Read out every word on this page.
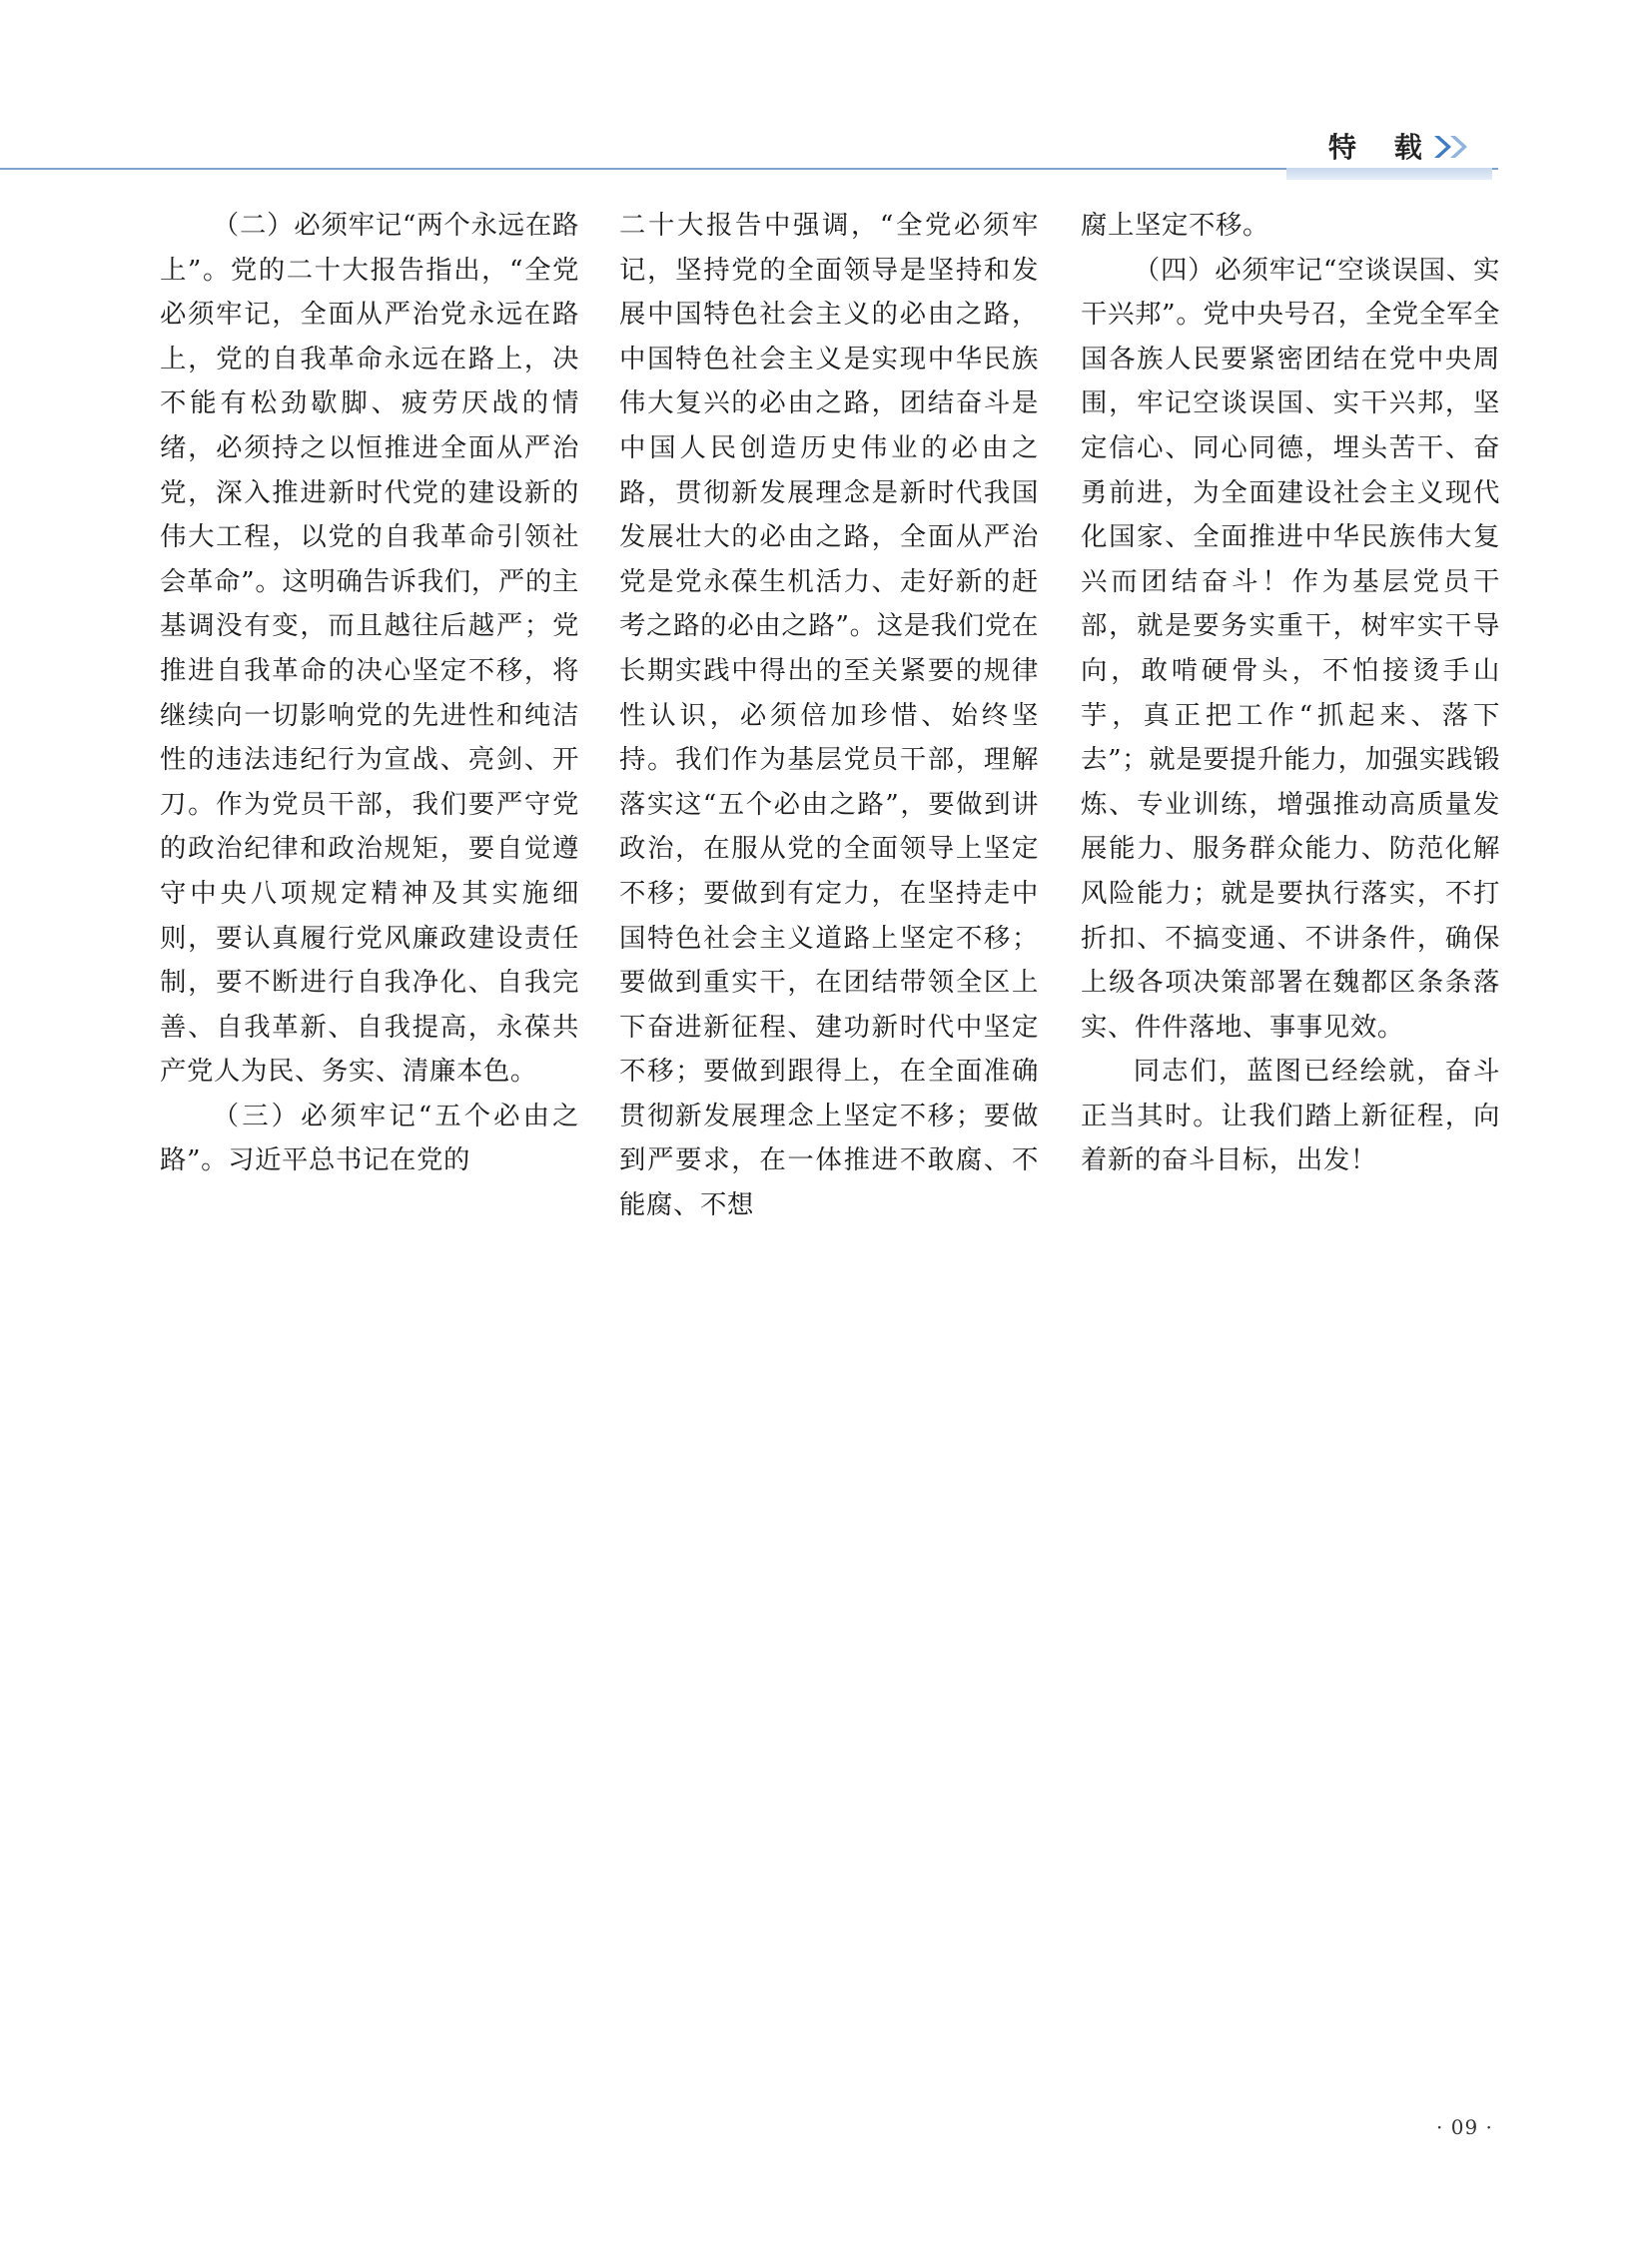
特 载

（二）必须牢记“两个永远在路上”。党的二十大报告指出，“全党必须牢记，全面从严治党永远在路上，党的自我革命永远在路上，决不能有松劲歇脚、疲劳厌战的情绪，必须持之以恒推进全面从严治党，深入推进新时代党的建设新的伟大工程，以党的自我革命引领社会革命”。这明确告诉我们，严的主基调没有变，而且越往后越严；党推进自我革命的决心坚定不移，将继续向一切影响党的先进性和纯洁性的违法违纪行为宣战、亮剑、开刀。作为党员干部，我们要严守党的政治纪律和政治规矩，要自觉遵守中央八项规定精神及其实施细则，要认真履行党风廉政建设责任制，要不断进行自我净化、自我完善、自我革新、自我提高，永葆共产党人为民、务实、清廉本色。

（三）必须牢记“五个必由之路”。习近平总书记在党的

二十大报告中强调，“全党必须牢记，坚持党的全面领导是坚持和发展中国特色社会主义的必由之路，中国特色社会主义是实现中华民族伟大复兴的必由之路，团结奋斗是中国人民创造历史伟业的必由之路，贯彻新发展理念是新时代我国发展壮大的必由之路，全面从严治党是党永葆生机活力、走好新的赶考之路的必由之路”。这是我们党在长期实践中得出的至关紧要的规律性认识，必须倍加珍惜、始终坚持。我们作为基层党员干部，理解落实这“五个必由之路”，要做到讲政治，在服从党的全面领导上坚定不移；要做到有定力，在坚持走中国特色社会主义道路上坚定不移；要做到重实干，在团结带领全区上下奋进新征程、建功新时代中坚定不移；要做到跟得上，在全面准确贯彻新发展理念上坚定不移；要做到严要求，在一体推进不敢腐、不能腐、不想

腐上坚定不移。

（四）必须牢记“空谈误国、实干兴邦”。党中央号召，全党全军全国各族人民要紧密团结在党中央周围，牢记空谈误国、实干兴邦，坚定信心、同心同德，埋头苦干、奋勇前进，为全面建设社会主义现代化国家、全面推进中华民族伟大复兴而团结奋斗！作为基层党员干部，就是要务实重干，树牢实干导向，敢啃硬骨头，不怕接烫手山芋，真正把工作“抓起来、落下去”；就是要提升能力，加强实践锻炼、专业训练，增强推动高质量发展能力、服务群众能力、防范化解风险能力；就是要执行落实，不打折扣、不搞变通、不讲条件，确保上级各项决策部署在魏都区条条落实、件件落地、事事见效。

同志们，蓝图已经绘就，奋斗正当其时。让我们踏上新征程，向着新的奋斗目标，出发！

· 09 ·
